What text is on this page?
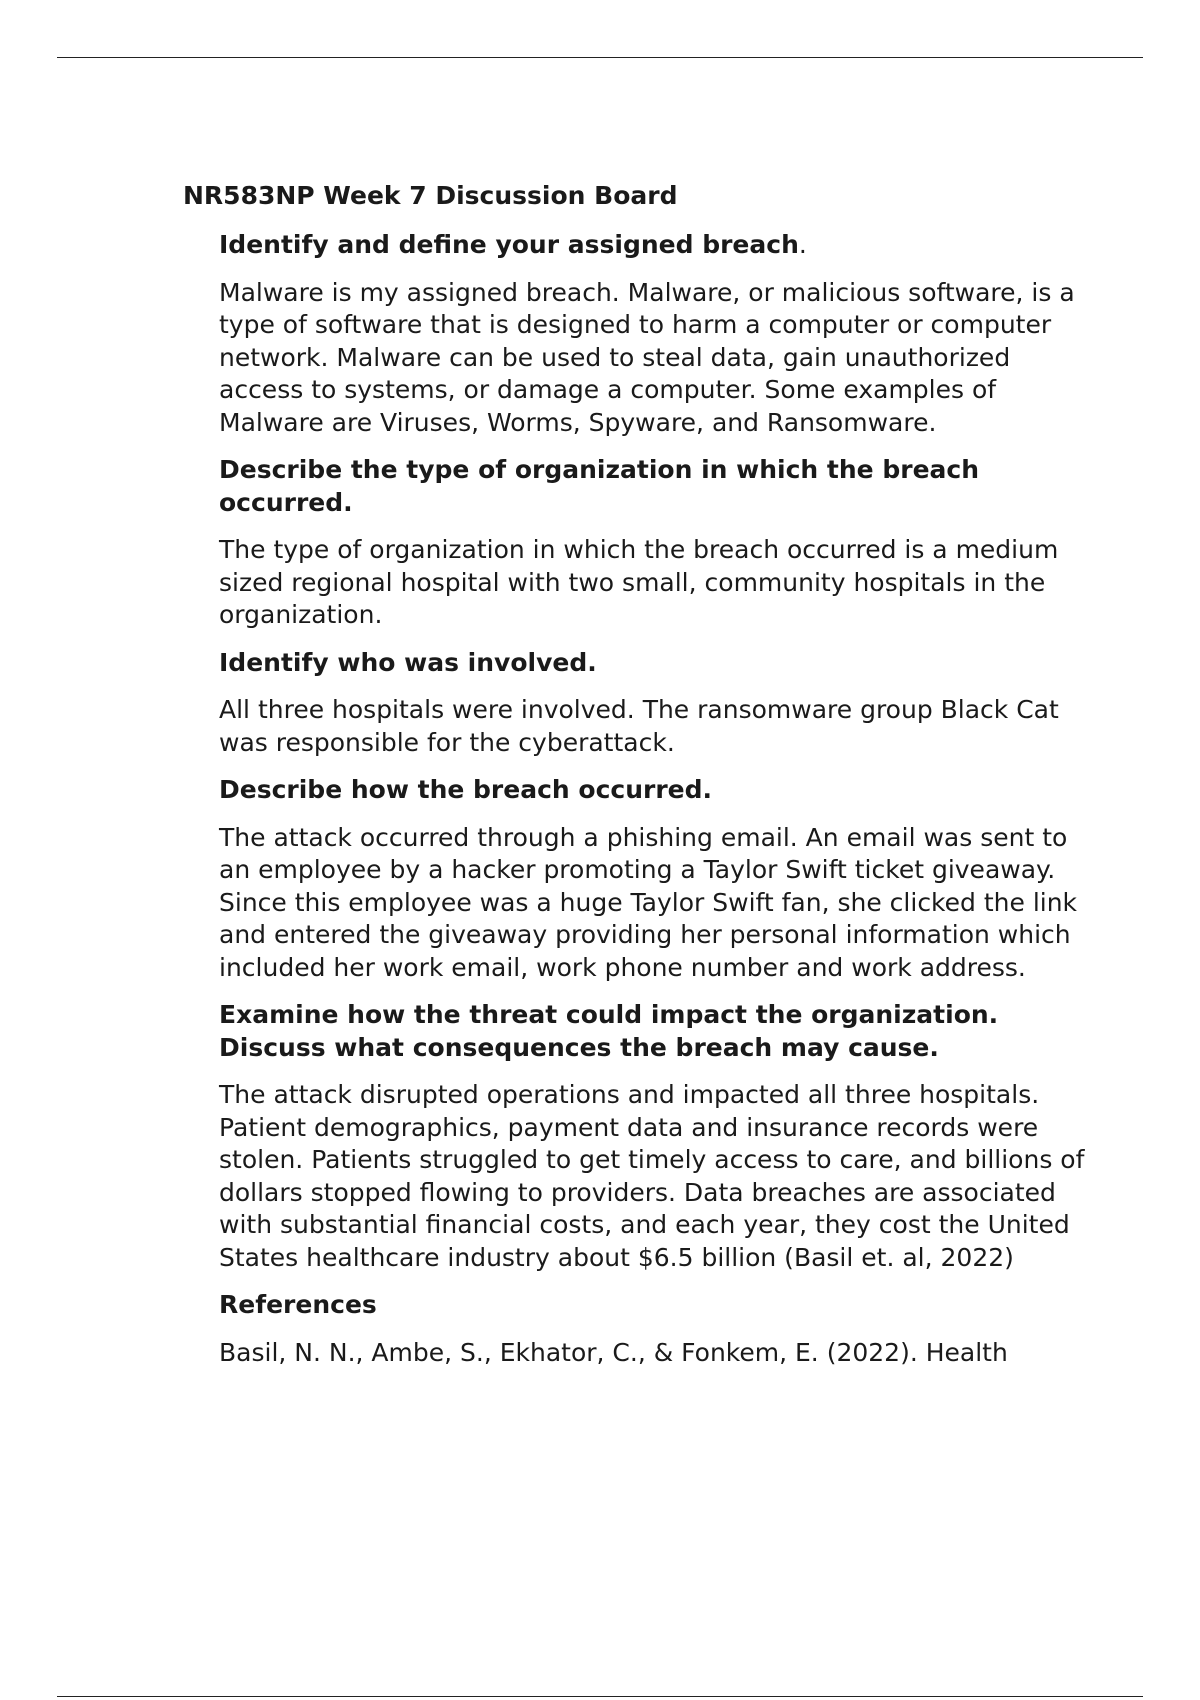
NR583NP Week 7 Discussion Board

Identify and define your assigned breach.

Malware is my assigned breach. Malware, or malicious software, is a type of software that is designed to harm a computer or computer network. Malware can be used to steal data, gain unauthorized access to systems, or damage a computer. Some examples of Malware are Viruses, Worms, Spyware, and Ransomware.

Describe the type of organization in which the breach occurred.

The type of organization in which the breach occurred is a medium sized regional hospital with two small, community hospitals in the organization.

Identify who was involved.

All three hospitals were involved. The ransomware group Black Cat was responsible for the cyberattack.

Describe how the breach occurred.

The attack occurred through a phishing email. An email was sent to an employee by a hacker promoting a Taylor Swift ticket giveaway. Since this employee was a huge Taylor Swift fan, she clicked the link and entered the giveaway providing her personal information which included her work email, work phone number and work address.

Examine how the threat could impact the organization. Discuss what consequences the breach may cause.

The attack disrupted operations and impacted all three hospitals. Patient demographics, payment data and insurance records were stolen. Patients struggled to get timely access to care, and billions of dollars stopped flowing to providers. Data breaches are associated with substantial financial costs, and each year, they cost the United States healthcare industry about $6.5 billion (Basil et. al, 2022)

References

Basil, N. N., Ambe, S., Ekhator, C., & Fonkem, E. (2022). Health
